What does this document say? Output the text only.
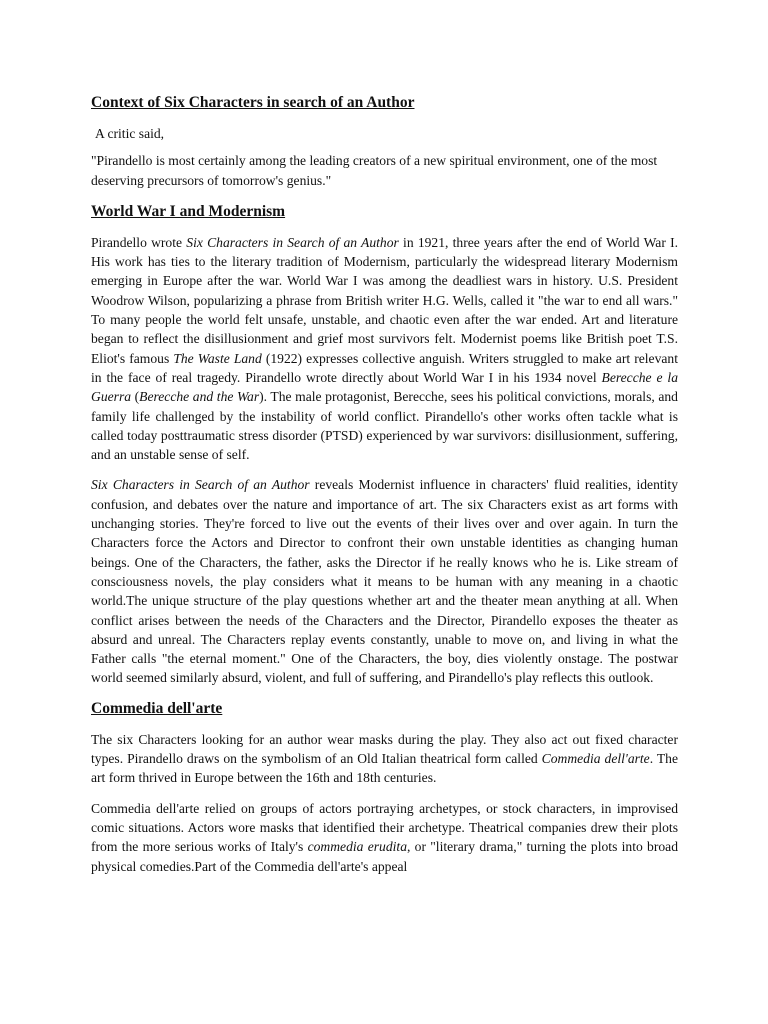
Context of Six Characters in search of an Author

A critic said,

"Pirandello is most certainly among the leading creators of a new spiritual environment, one of the most deserving precursors of tomorrow's genius."

World War I and Modernism

Pirandello wrote Six Characters in Search of an Author in 1921, three years after the end of World War I. His work has ties to the literary tradition of Modernism, particularly the widespread literary Modernism emerging in Europe after the war. World War I was among the deadliest wars in history. U.S. President Woodrow Wilson, popularizing a phrase from British writer H.G. Wells, called it "the war to end all wars." To many people the world felt unsafe, unstable, and chaotic even after the war ended. Art and literature began to reflect the disillusionment and grief most survivors felt. Modernist poems like British poet T.S. Eliot's famous The Waste Land (1922) expresses collective anguish. Writers struggled to make art relevant in the face of real tragedy. Pirandello wrote directly about World War I in his 1934 novel Berecche e la Guerra (Berecche and the War). The male protagonist, Berecche, sees his political convictions, morals, and family life challenged by the instability of world conflict. Pirandello's other works often tackle what is called today posttraumatic stress disorder (PTSD) experienced by war survivors: disillusionment, suffering, and an unstable sense of self.

Six Characters in Search of an Author reveals Modernist influence in characters' fluid realities, identity confusion, and debates over the nature and importance of art. The six Characters exist as art forms with unchanging stories. They're forced to live out the events of their lives over and over again. In turn the Characters force the Actors and Director to confront their own unstable identities as changing human beings. One of the Characters, the father, asks the Director if he really knows who he is. Like stream of consciousness novels, the play considers what it means to be human with any meaning in a chaotic world.The unique structure of the play questions whether art and the theater mean anything at all. When conflict arises between the needs of the Characters and the Director, Pirandello exposes the theater as absurd and unreal. The Characters replay events constantly, unable to move on, and living in what the Father calls "the eternal moment." One of the Characters, the boy, dies violently onstage. The postwar world seemed similarly absurd, violent, and full of suffering, and Pirandello's play reflects this outlook.

Commedia dell'arte

The six Characters looking for an author wear masks during the play. They also act out fixed character types. Pirandello draws on the symbolism of an Old Italian theatrical form called Commedia dell'arte. The art form thrived in Europe between the 16th and 18th centuries.

Commedia dell'arte relied on groups of actors portraying archetypes, or stock characters, in improvised comic situations. Actors wore masks that identified their archetype. Theatrical companies drew their plots from the more serious works of Italy's commedia erudita, or "literary drama," turning the plots into broad physical comedies.Part of the Commedia dell'arte's appeal
